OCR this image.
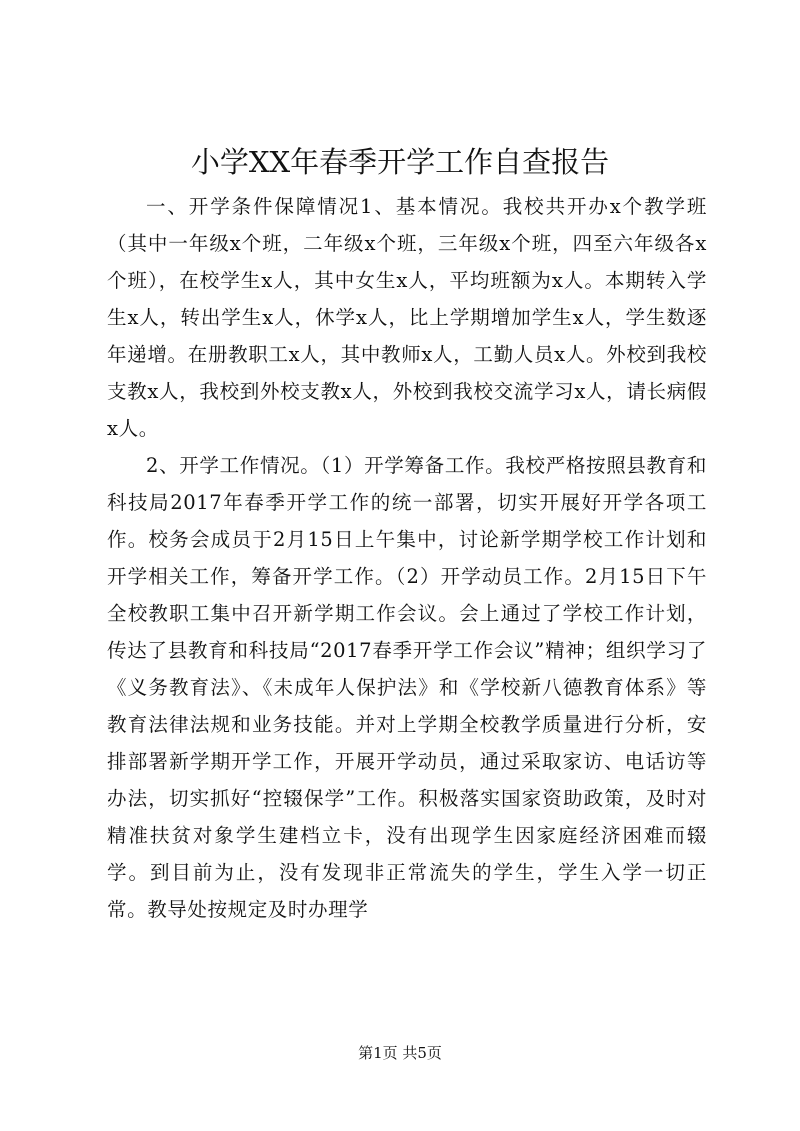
小学XX年春季开学工作自查报告

一、开学条件保障情况1、基本情况。我校共开办x个教学班（其中一年级x个班，二年级x个班，三年级x个班，四至六年级各x个班），在校学生x人，其中女生x人，平均班额为x人。本期转入学生x人，转出学生x人，休学x人，比上学期增加学生x人，学生数逐年递增。在册教职工x人，其中教师x人，工勤人员x人。外校到我校支教x人，我校到外校支教x人，外校到我校交流学习x人，请长病假x人。

2、开学工作情况。（1）开学筹备工作。我校严格按照县教育和科技局2017年春季开学工作的统一部署，切实开展好开学各项工作。校务会成员于2月15日上午集中，讨论新学期学校工作计划和开学相关工作，筹备开学工作。（2）开学动员工作。2月15日下午全校教职工集中召开新学期工作会议。会上通过了学校工作计划，传达了县教育和科技局“2017春季开学工作会议”精神；组织学习了《义务教育法》、《未成年人保护法》和《学校新八德教育体系》等教育法律法规和业务技能。并对上学期全校教学质量进行分析，安排部署新学期开学工作，开展开学动员，通过采取家访、电话访等办法，切实抓好“控辍保学”工作。积极落实国家资助政策，及时对精准扶贫对象学生建档立卡，没有出现学生因家庭经济困难而辍学。到目前为止，没有发现非正常流失的学生，学生入学一切正常。教导处按规定及时办理学

第1页 共5页
